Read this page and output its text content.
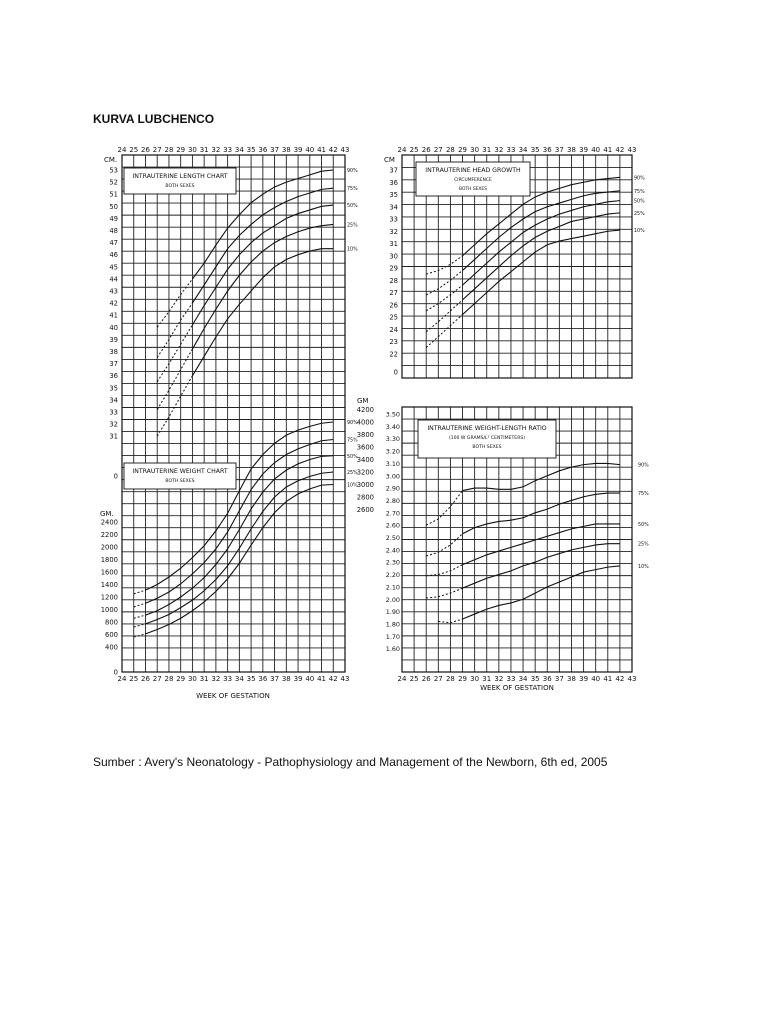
KURVA LUBCHENCO
24 25 26 27 28 29 30 31 32 33 34 35 36 37 38 39 40 41 42 43	24 25 26 27 28 29 30 31 32 33 34 35 36 37 38 39 40 41 42 43
24 25 26 27 28 29 30 31 32 33 34 35 36 37 38 39 40 41 42 43	24 25 26 27 28 29 30 31 32 33 34 35 36 37 38 39 40 41 42 43
WEEK OF GESTATION
WEEK OF GESTATION
53
52
51
50
49
48
47
46
45
44
43
42
41
40
39
38
37
36
35
34
33
32
31
0
CM.
2400
2200
2000
1800
1600
1400
1200
1000
800
600
400
0
GM.
4200
4000
3800
3600
3400
3200
3000
2800
2600
GM
37
36
35
34
33
32
31
30
29
28
27
26
25
24
23
22
0
CM
3.50
3.40
3.30
3.20
3.10
3.00
2.90
2.80
2.70
2.60
2.50
2.40
2.30
2.20
2.10
2.00
1.90
1.80
1.70
1.60
90%
75%
50%
25%
10%
90%
75%
50%
25%
10%
90%
75%
50%
25%
10%
90%
75%
50%
25%
10%
INTRAUTERINE LENGTH CHART
BOTH SEXES
INTRAUTERINE WEIGHT CHART
BOTH SEXES
INTRAUTERINE HEAD GROWTH
CIRCUMFERENCE
BOTH SEXES
INTRAUTERINE WEIGHT-LENGTH RATIO
(100 W GRAMS/L³ CENTIMETERS)
BOTH SEXES
Sumber : Avery's Neonatology - Pathophysiology and Management of the Newborn, 6th ed, 2005
